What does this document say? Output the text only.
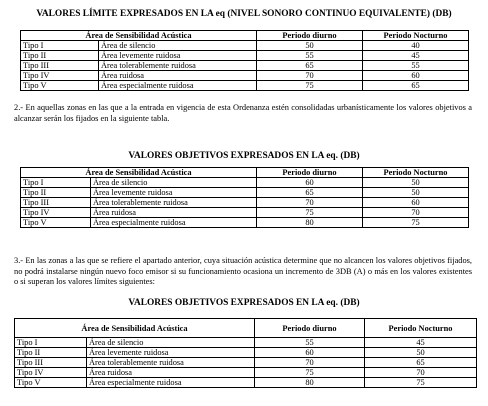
VALORES LÍMITE EXPRESADOS EN LA eq (NIVEL SONORO CONTINUO EQUIVALENTE) (DB)
Área de Sensibilidad Acústica		Periodo diurno	Periodo Nocturno
Tipo I	Área de silencio	50	40
Tipo II	Área levemente ruidosa	55	45
Tipo III	Área tolerablemente ruidosa	65	55
Tipo IV	Área ruidosa	70	60
Tipo V	Área especialmente ruidosa	75	65
2.- En aquellas zonas en las que a la entrada en vigencia de esta Ordenanza estén consolidadas urbanísticamente los valores objetivos a alcanzar serán los fijados en la siguiente tabla.
VALORES OBJETIVOS EXPRESADOS EN LA eq. (DB)
Área de Sensibilidad Acústica		Periodo diurno	Periodo Nocturno
Tipo I	Área de silencio	60	50
Tipo II	Área levemente ruidosa	65	50
Tipo III	Área tolerablemente ruidosa	70	60
Tipo IV	Área ruidosa	75	70
Tipo V	Área especialmente ruidosa	80	75
3.- En las zonas a las que se refiere el apartado anterior, cuya situación acústica determine que no alcancen los valores objetivos fijados, no podrá instalarse ningún nuevo foco emisor si su funcionamiento ocasiona un incremento de 3DB (A) o más en los valores existentes o si superan los valores límites siguientes:
VALORES OBJETIVOS EXPRESADOS EN LA eq. (DB)
Área de Sensibilidad Acústica		Periodo diurno	Periodo Nocturno
Tipo I	Área de silencio	55	45
Tipo II	Área levemente ruidosa	60	50
Tipo III	Área tolerablemente ruidosa	70	65
Tipo IV	Área ruidosa	75	70
Tipo V	Área especialmente ruidosa	80	75
